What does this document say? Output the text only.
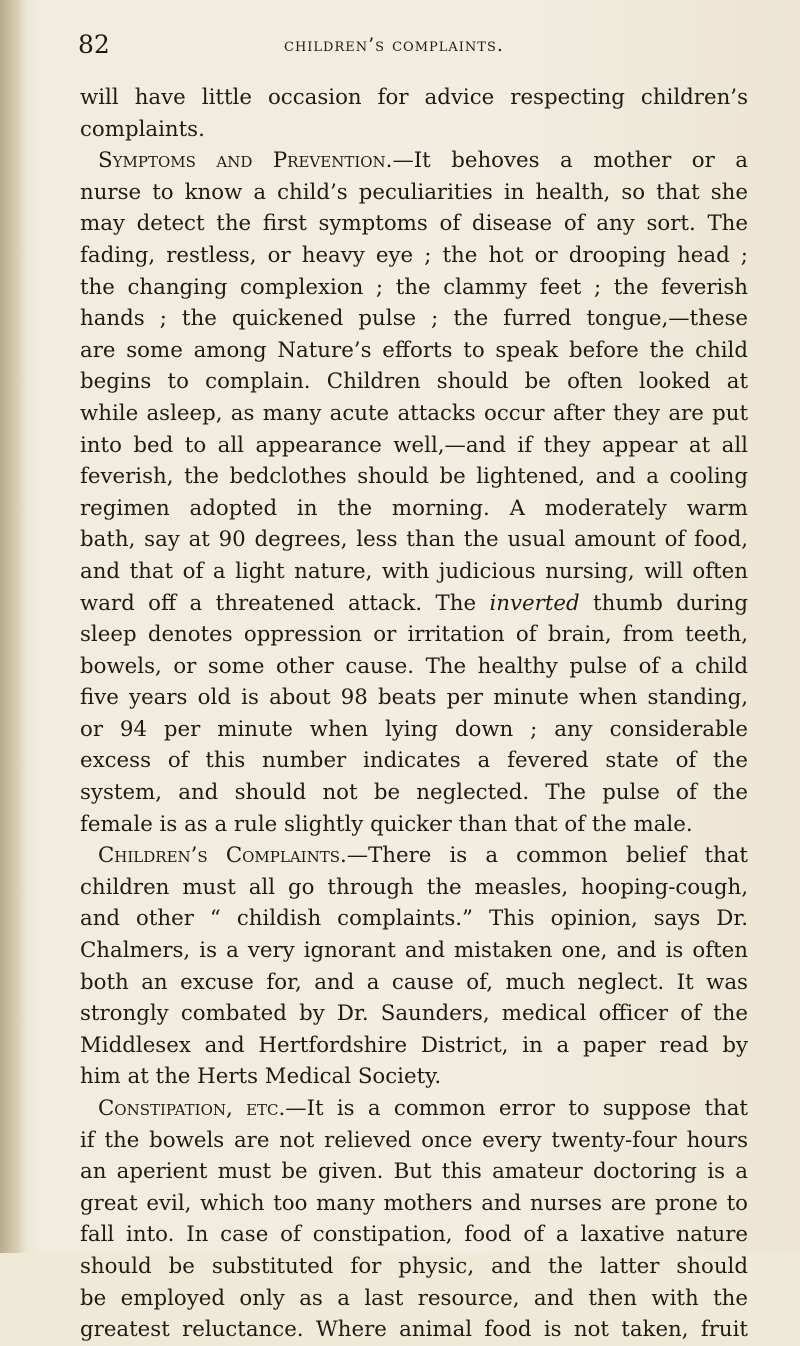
82	children’s complaints.
will have little occasion for advice respecting children’s
complaints.
Symptoms and Prevention.—It behoves a mother or a
nurse to know a child’s peculiarities in health, so that she
may detect the first symptoms of disease of any sort. The
fading, restless, or heavy eye ; the hot or drooping head ;
the changing complexion ; the clammy feet ; the feverish
hands ; the quickened pulse ; the furred tongue,—these
are some among Nature’s efforts to speak before the child
begins to complain. Children should be often looked at
while asleep, as many acute attacks occur after they are put
into bed to all appearance well,—and if they appear at all
feverish, the bedclothes should be lightened, and a cooling
regimen adopted in the morning. A moderately warm
bath, say at 90 degrees, less than the usual amount of food,
and that of a light nature, with judicious nursing, will often
ward off a threatened attack. The inverted thumb during
sleep denotes oppression or irritation of brain, from teeth,
bowels, or some other cause. The healthy pulse of a child
five years old is about 98 beats per minute when standing,
or 94 per minute when lying down ; any considerable
excess of this number indicates a fevered state of the
system, and should not be neglected. The pulse of the
female is as a rule slightly quicker than that of the male.
Children’s Complaints.—There is a common belief that
children must all go through the measles, hooping-cough,
and other “ childish complaints.” This opinion, says Dr.
Chalmers, is a very ignorant and mistaken one, and is often
both an excuse for, and a cause of, much neglect. It was
strongly combated by Dr. Saunders, medical officer of the
Middlesex and Hertfordshire District, in a paper read by
him at the Herts Medical Society.
Constipation, etc.—It is a common error to suppose that
if the bowels are not relieved once every twenty-four hours
an aperient must be given. But this amateur doctoring is a
great evil, which too many mothers and nurses are prone to
fall into. In case of constipation, food of a laxative nature
should be substituted for physic, and the latter should
be employed only as a last resource, and then with the
greatest reluctance. Where animal food is not taken, fruit
